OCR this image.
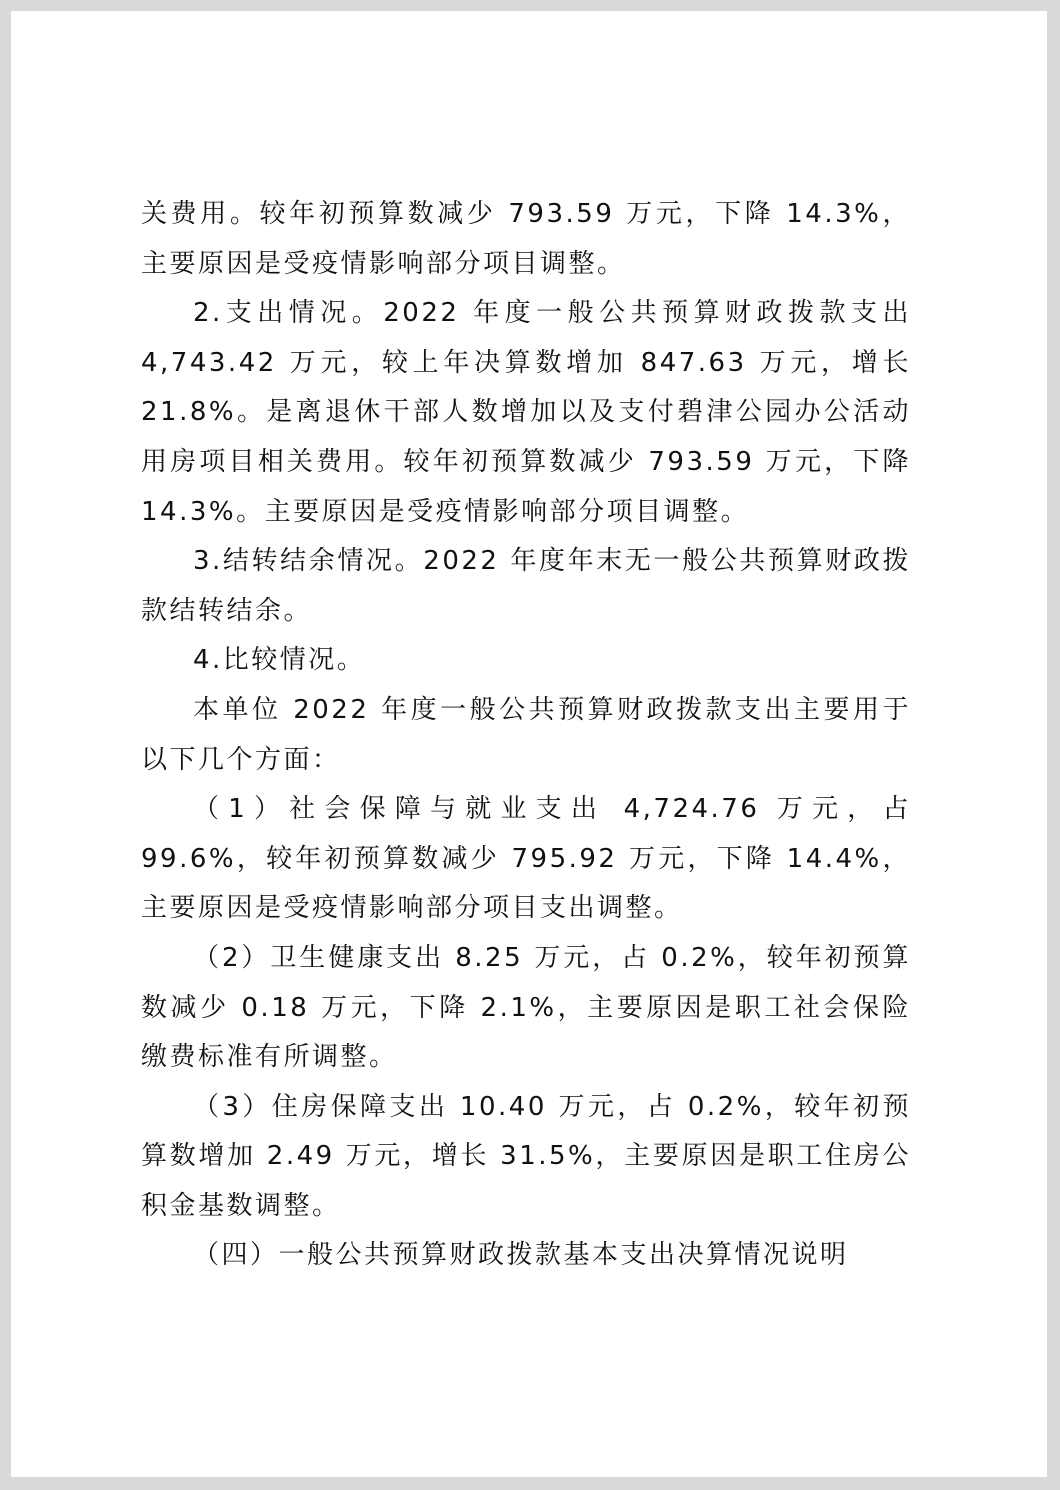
关费用。较年初预算数减少 793.59 万元，下降 14.3%，主要原因是受疫情影响部分项目调整。

2.支出情况。2022 年度一般公共预算财政拨款支出 4,743.42 万元，较上年决算数增加 847.63 万元，增长 21.8%。是离退休干部人数增加以及支付碧津公园办公活动用房项目相关费用。较年初预算数减少 793.59 万元，下降 14.3%。主要原因是受疫情影响部分项目调整。

3.结转结余情况。2022 年度年末无一般公共预算财政拨款结转结余。

4.比较情况。

本单位 2022 年度一般公共预算财政拨款支出主要用于以下几个方面：

（1）社会保障与就业支出 4,724.76 万元，占 99.6%，较年初预算数减少 795.92 万元，下降 14.4%，主要原因是受疫情影响部分项目支出调整。

（2）卫生健康支出 8.25 万元，占 0.2%，较年初预算数减少 0.18 万元，下降 2.1%，主要原因是职工社会保险缴费标准有所调整。

（3）住房保障支出 10.40 万元，占 0.2%，较年初预算数增加 2.49 万元，增长 31.5%，主要原因是职工住房公积金基数调整。

（四）一般公共预算财政拨款基本支出决算情况说明
